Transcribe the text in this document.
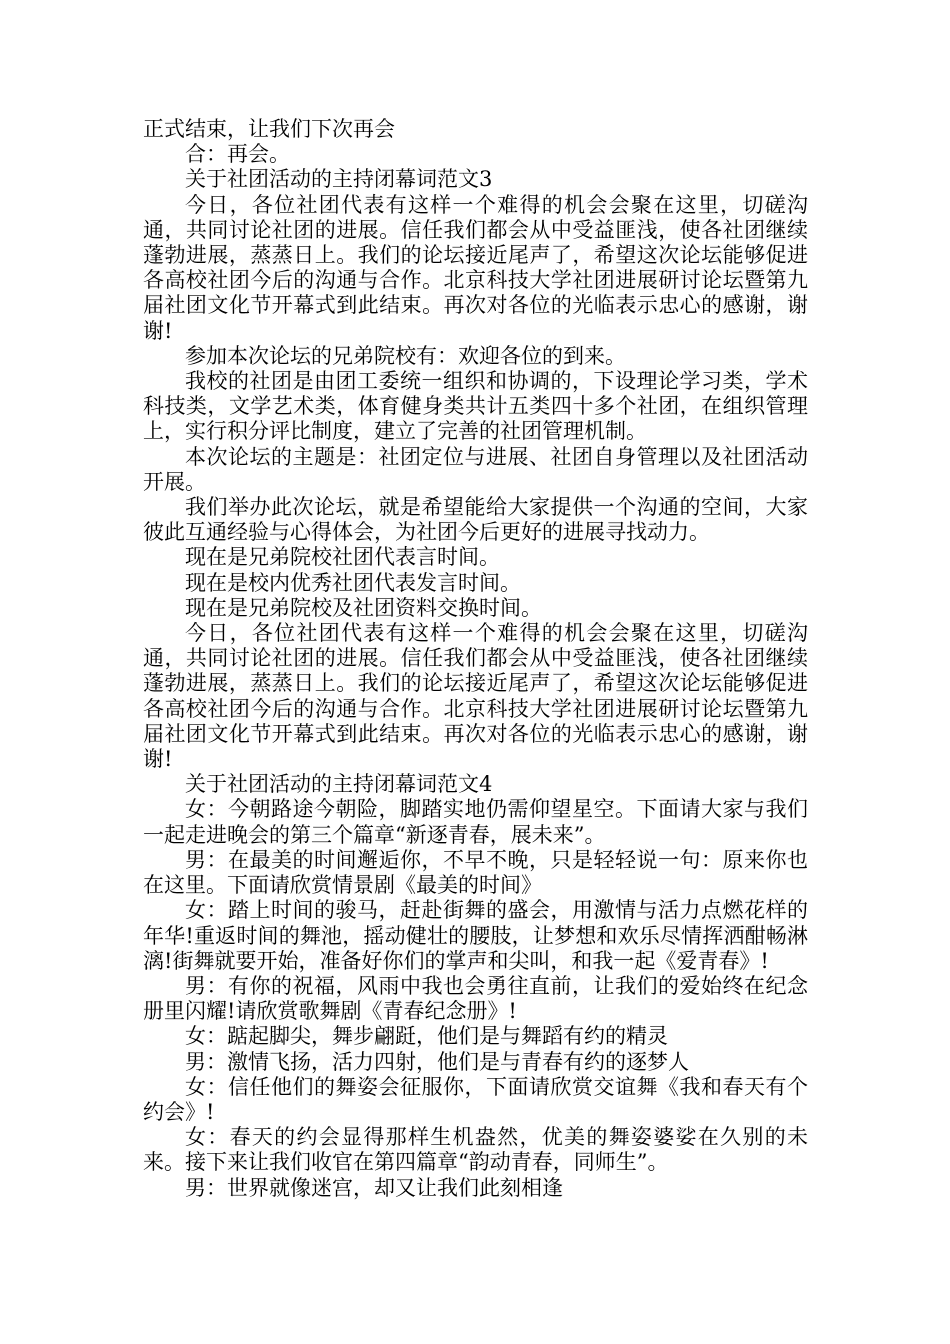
正式结束，让我们下次再会

合：再会。

关于社团活动的主持闭幕词范文3

今日，各位社团代表有这样一个难得的机会会聚在这里，切磋沟通，共同讨论社团的进展。信任我们都会从中受益匪浅，使各社团继续蓬勃进展，蒸蒸日上。我们的论坛接近尾声了，希望这次论坛能够促进各高校社团今后的沟通与合作。北京科技大学社团进展研讨论坛暨第九届社团文化节开幕式到此结束。再次对各位的光临表示忠心的感谢，谢谢!

参加本次论坛的兄弟院校有：欢迎各位的到来。

我校的社团是由团工委统一组织和协调的，下设理论学习类，学术科技类，文学艺术类，体育健身类共计五类四十多个社团，在组织管理上，实行积分评比制度，建立了完善的社团管理机制。

本次论坛的主题是：社团定位与进展、社团自身管理以及社团活动开展。

我们举办此次论坛，就是希望能给大家提供一个沟通的空间，大家彼此互通经验与心得体会，为社团今后更好的进展寻找动力。

现在是兄弟院校社团代表言时间。

现在是校内优秀社团代表发言时间。

现在是兄弟院校及社团资料交换时间。

今日，各位社团代表有这样一个难得的机会会聚在这里，切磋沟通，共同讨论社团的进展。信任我们都会从中受益匪浅，使各社团继续蓬勃进展，蒸蒸日上。我们的论坛接近尾声了，希望这次论坛能够促进各高校社团今后的沟通与合作。北京科技大学社团进展研讨论坛暨第九届社团文化节开幕式到此结束。再次对各位的光临表示忠心的感谢，谢谢!

关于社团活动的主持闭幕词范文4

女：今朝路途今朝险，脚踏实地仍需仰望星空。下面请大家与我们一起走进晚会的第三个篇章“新逐青春，展未来”。

男：在最美的时间邂逅你，不早不晚，只是轻轻说一句：原来你也在这里。下面请欣赏情景剧《最美的时间》

女：踏上时间的骏马，赶赴街舞的盛会，用激情与活力点燃花样的年华!重返时间的舞池，摇动健壮的腰肢，让梦想和欢乐尽情挥洒酣畅淋漓!街舞就要开始，准备好你们的掌声和尖叫，和我一起《爱青春》!

男：有你的祝福，风雨中我也会勇往直前，让我们的爱始终在纪念册里闪耀!请欣赏歌舞剧《青春纪念册》!

女：踮起脚尖，舞步翩跹，他们是与舞蹈有约的精灵

男：激情飞扬，活力四射，他们是与青春有约的逐梦人

女：信任他们的舞姿会征服你，下面请欣赏交谊舞《我和春天有个约会》!

女：春天的约会显得那样生机盎然，优美的舞姿婆娑在久别的未来。接下来让我们收官在第四篇章“韵动青春，同师生”。

男：世界就像迷宫，却又让我们此刻相逢
